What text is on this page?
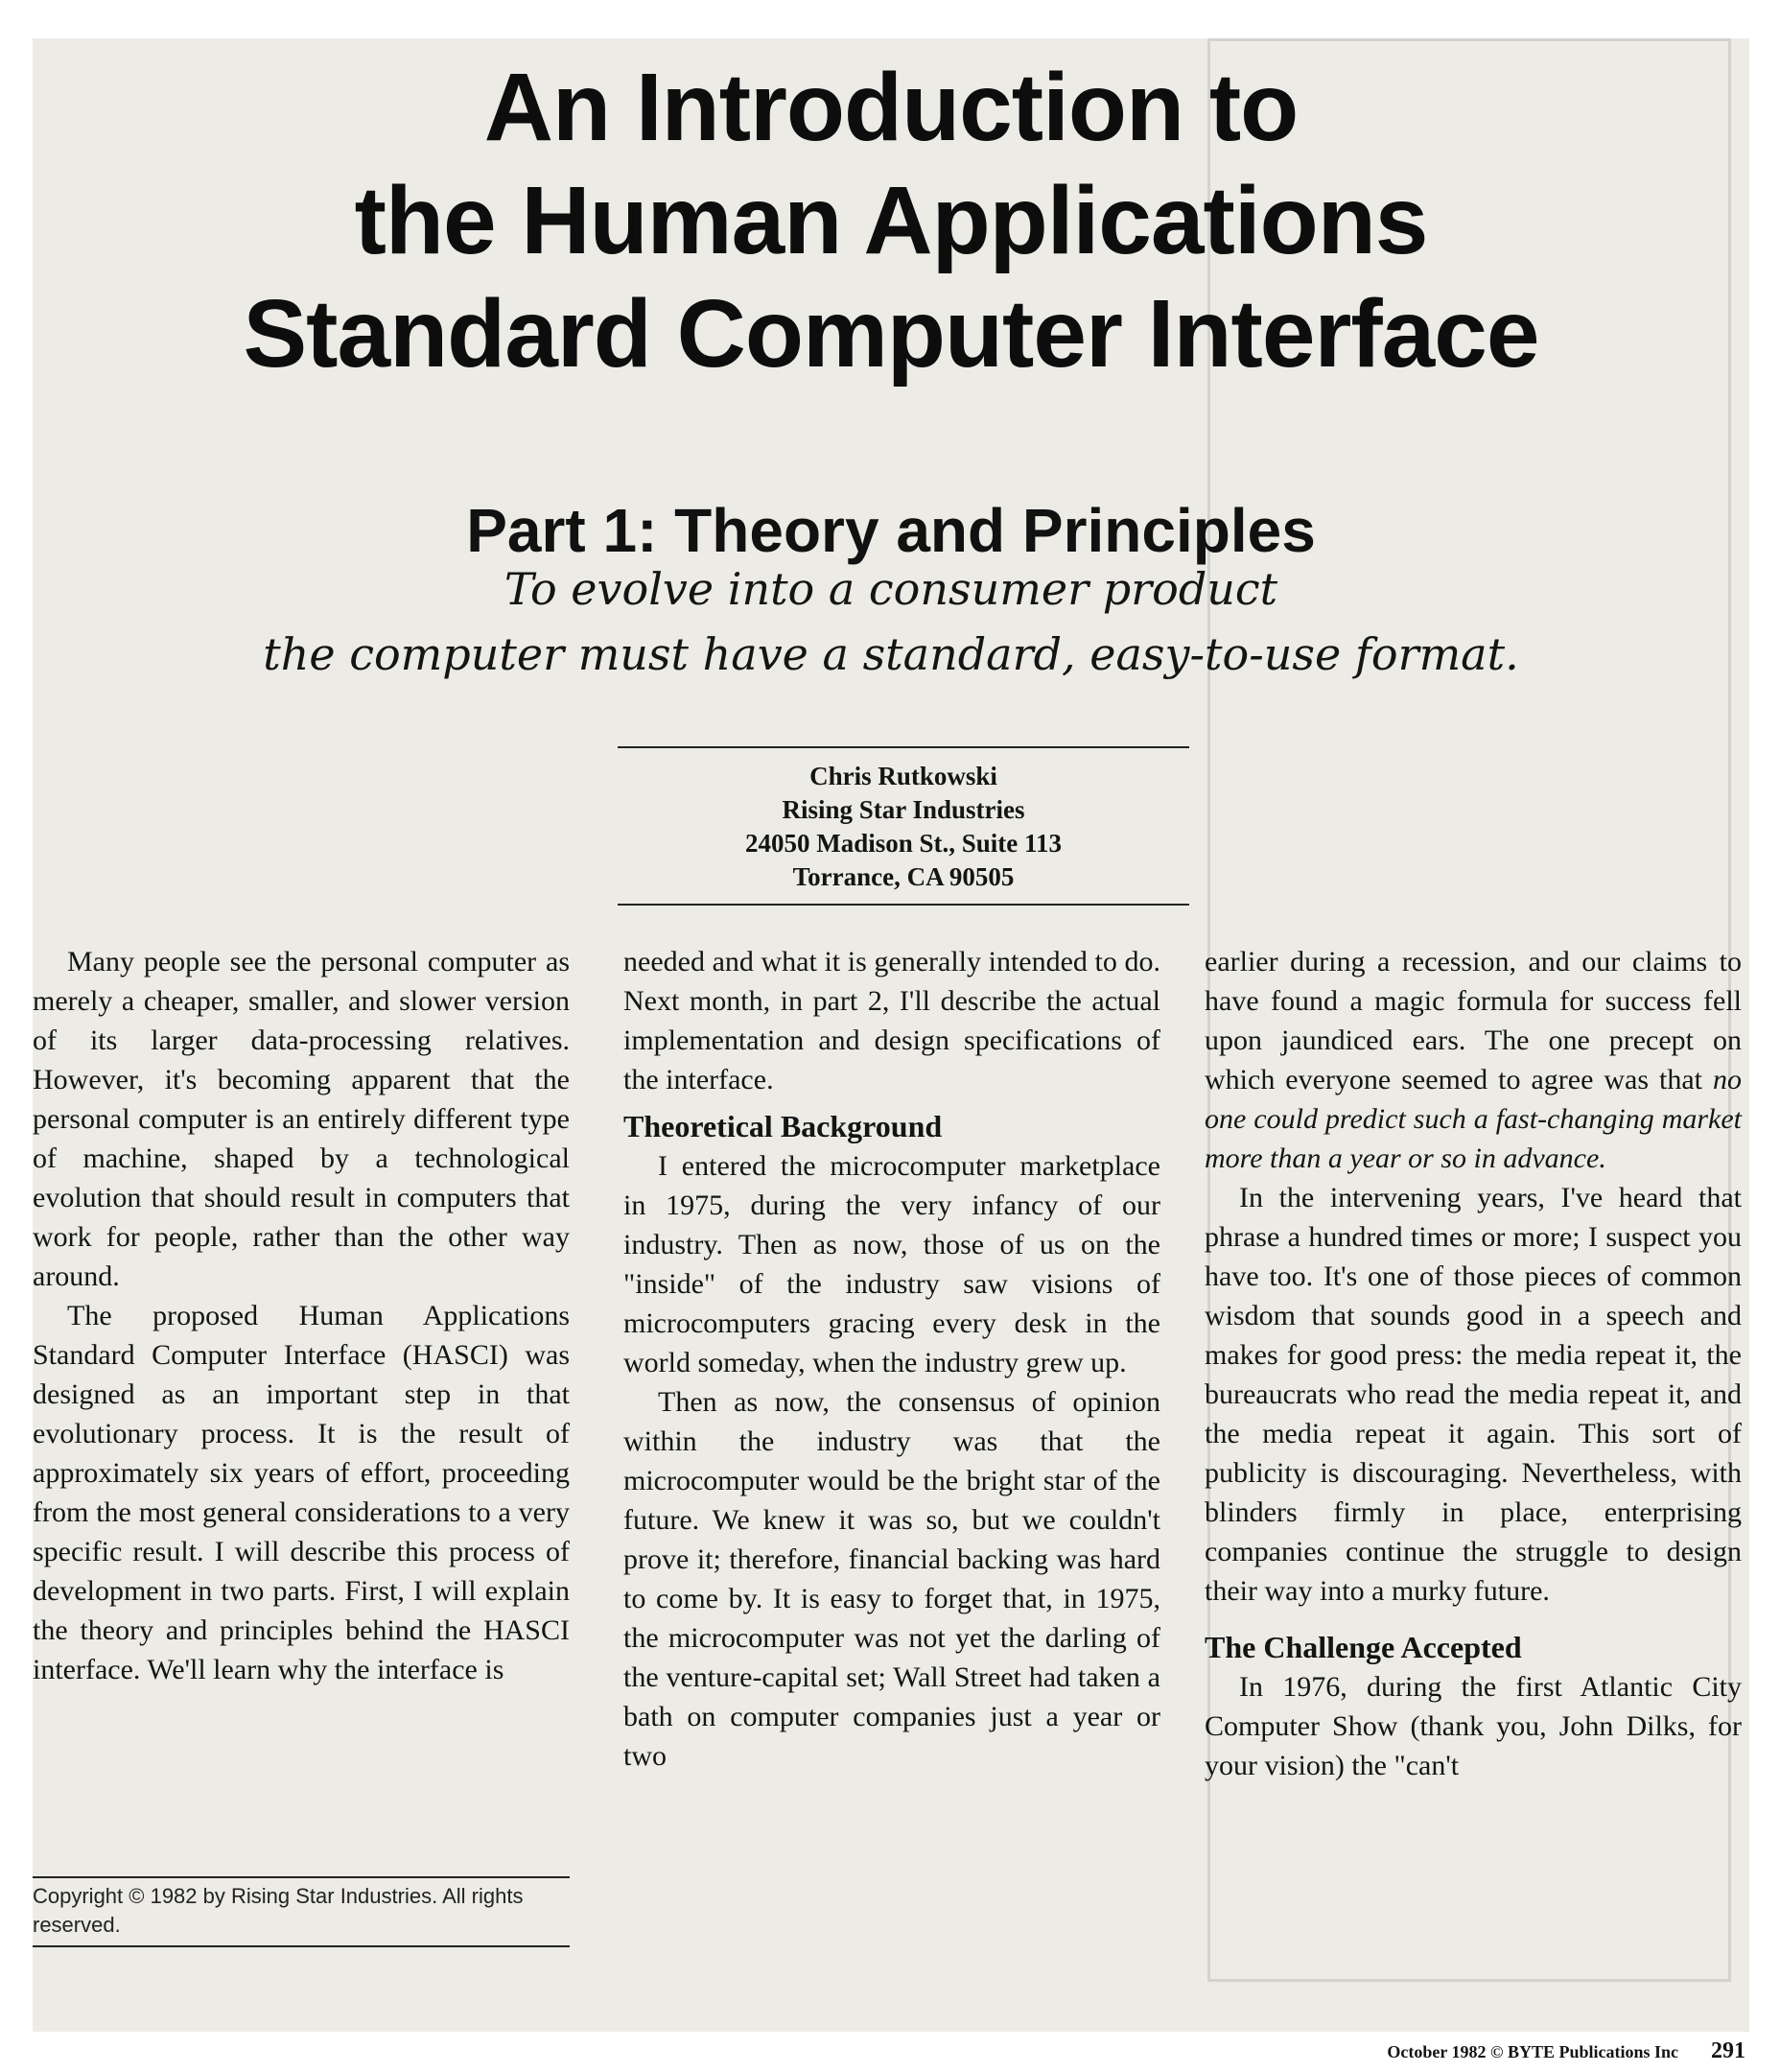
An Introduction to
the Human Applications
Standard Computer Interface
Part 1: Theory and Principles
To evolve into a consumer product
the computer must have a standard, easy-to-use format.
Chris Rutkowski
Rising Star Industries
24050 Madison St., Suite 113
Torrance, CA 90505

Many people see the personal computer as merely a cheaper, smaller, and slower version of its larger data-processing relatives. However, it's becoming apparent that the personal computer is an entirely different type of machine, shaped by a technological evolution that should result in computers that work for people, rather than the other way around.

The proposed Human Applications Standard Computer Interface (HASCI) was designed as an important step in that evolutionary process. It is the result of approximately six years of effort, proceeding from the most general considerations to a very specific result. I will describe this process of development in two parts. First, I will explain the theory and principles behind the HASCI interface. We'll learn why the interface is

Copyright © 1982 by Rising Star Industries. All rights reserved.

needed and what it is generally intended to do. Next month, in part 2, I'll describe the actual implementation and design specifications of the interface.

Theoretical Background

I entered the microcomputer marketplace in 1975, during the very infancy of our industry. Then as now, those of us on the "inside" of the industry saw visions of microcomputers gracing every desk in the world someday, when the industry grew up.

Then as now, the consensus of opinion within the industry was that the microcomputer would be the bright star of the future. We knew it was so, but we couldn't prove it; therefore, financial backing was hard to come by. It is easy to forget that, in 1975, the microcomputer was not yet the darling of the venture-capital set; Wall Street had taken a bath on computer companies just a year or two

earlier during a recession, and our claims to have found a magic formula for success fell upon jaundiced ears. The one precept on which everyone seemed to agree was that no one could predict such a fast-changing market more than a year or so in advance.

In the intervening years, I've heard that phrase a hundred times or more; I suspect you have too. It's one of those pieces of common wisdom that sounds good in a speech and makes for good press: the media repeat it, the bureaucrats who read the media repeat it, and the media repeat it again. This sort of publicity is discouraging. Nevertheless, with blinders firmly in place, enterprising companies continue the struggle to design their way into a murky future.

The Challenge Accepted

In 1976, during the first Atlantic City Computer Show (thank you, John Dilks, for your vision) the "can't

October 1982 © BYTE Publications Inc 291
